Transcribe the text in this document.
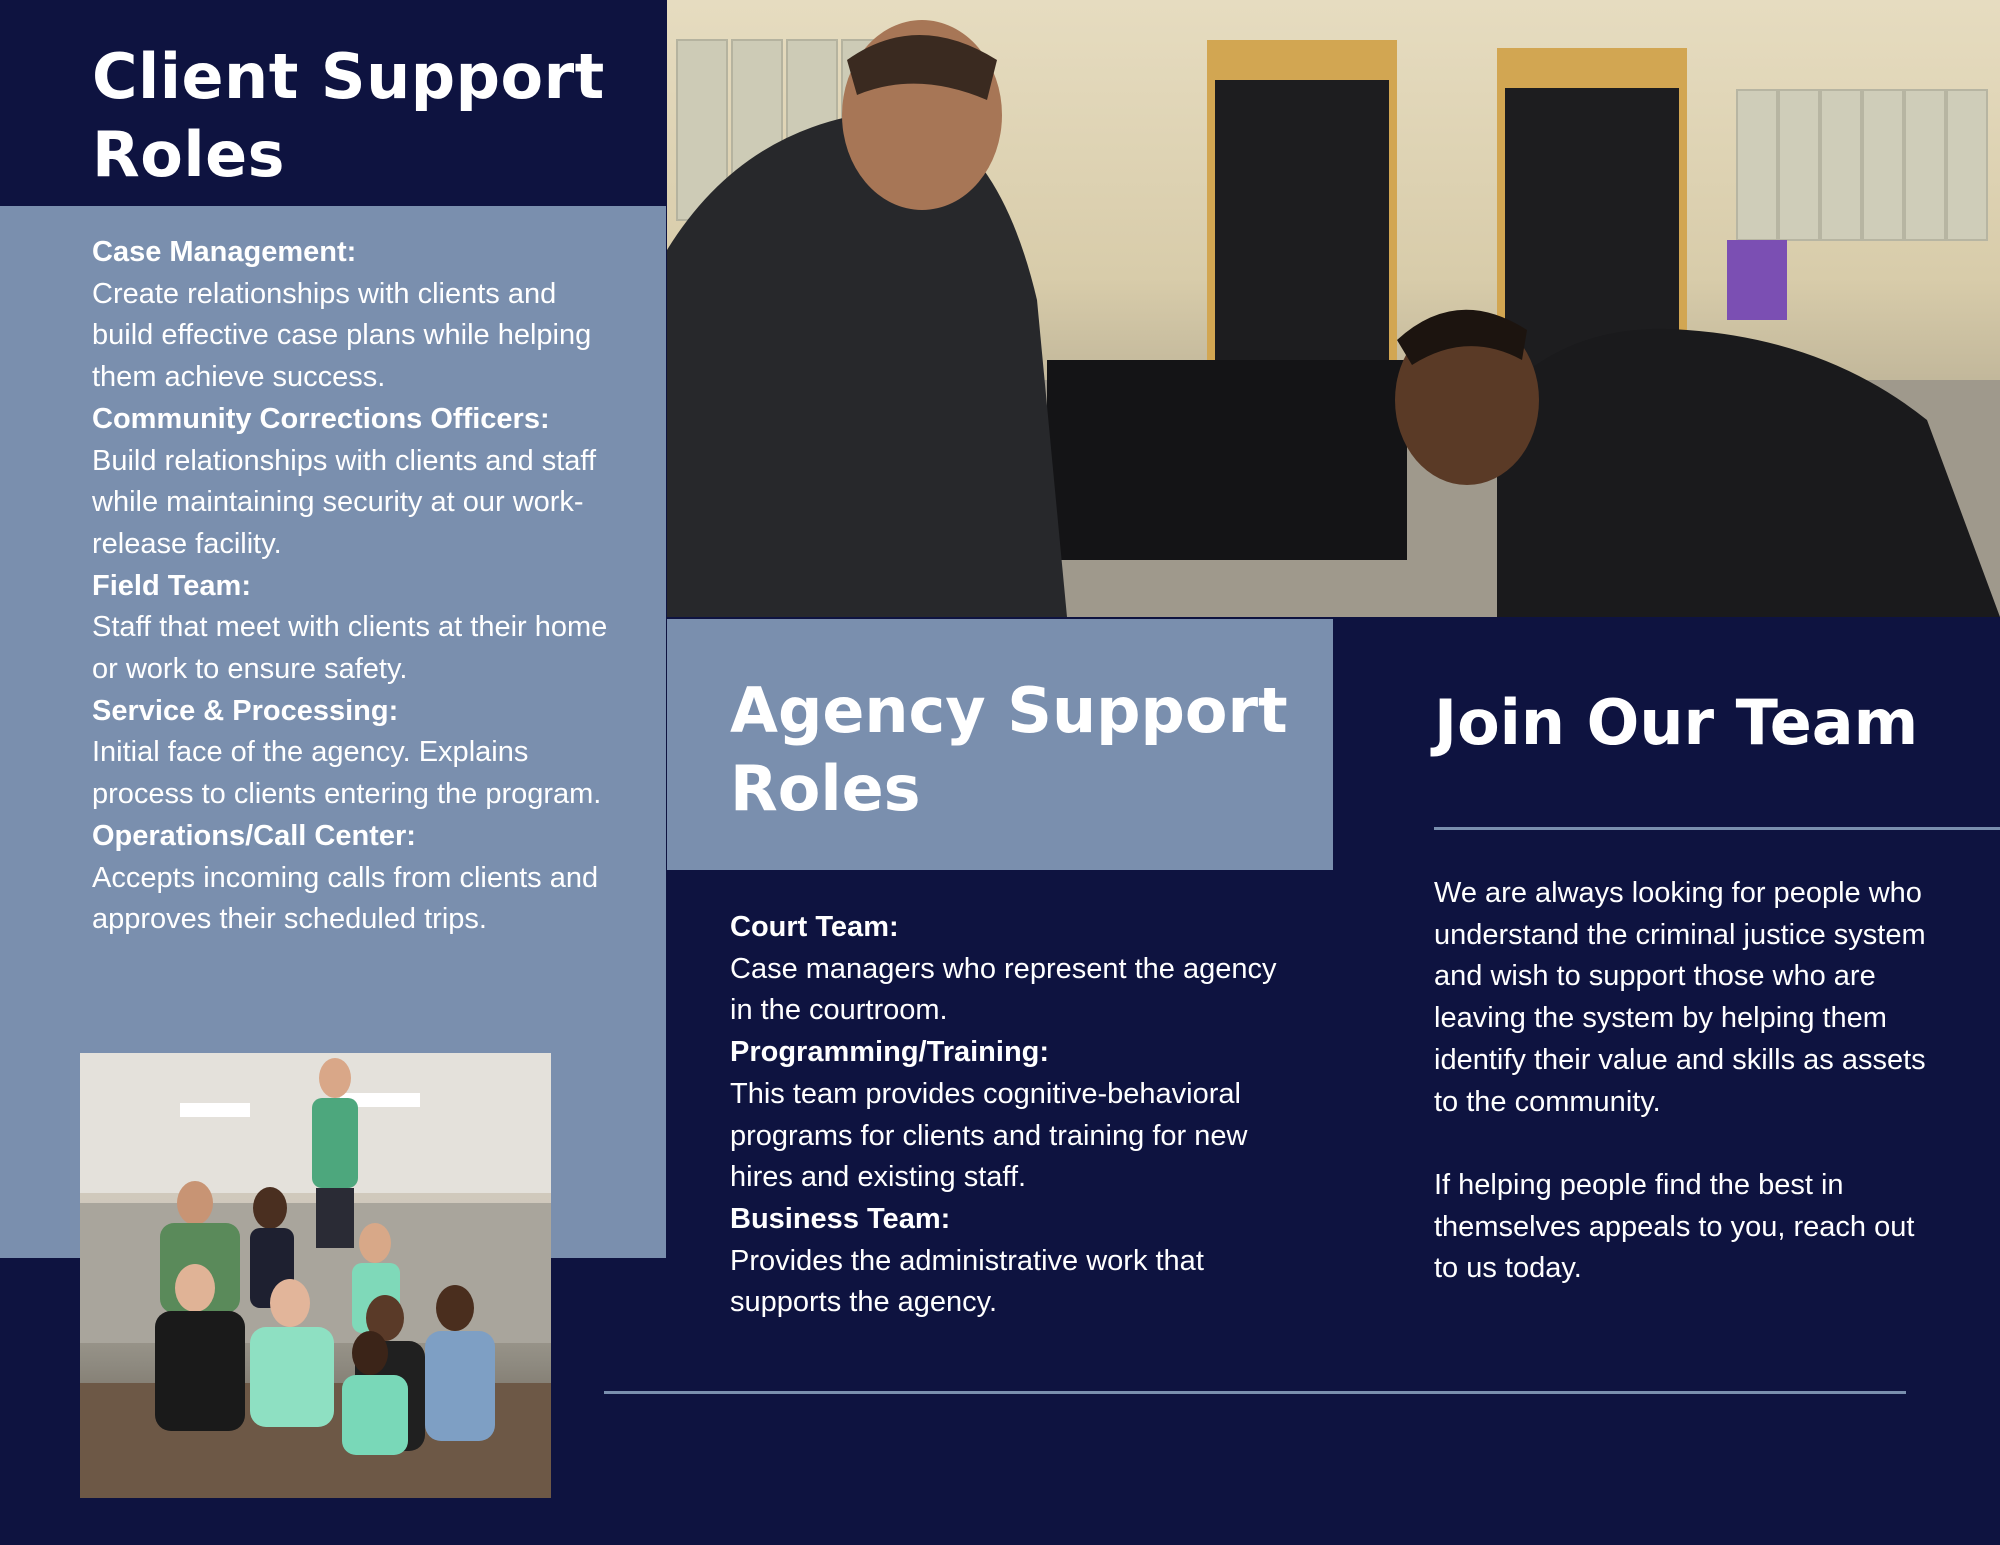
Client Support Roles
Case Management:
Create relationships with clients and build effective case plans while helping them achieve success.
Community Corrections Officers:
Build relationships with clients and staff while maintaining security at our work-release facility.
Field Team:
Staff that meet with clients at their home or work to ensure safety.
Service & Processing:
Initial face of the agency. Explains process to clients entering the program.
Operations/Call Center:
Accepts incoming calls from clients and approves their scheduled trips.
Agency Support Roles
Court Team:
Case managers who represent the agency in the courtroom.
Programming/Training:
This team provides cognitive-behavioral programs for clients and training for new hires and existing staff.
Business Team:
Provides the administrative work that supports the agency.
Join Our Team

We are always looking for people who understand the criminal justice system and wish to support those who are leaving the system by helping them identify their value and skills as assets to the community.

If helping people find the best in themselves appeals to you, reach out to us today.
